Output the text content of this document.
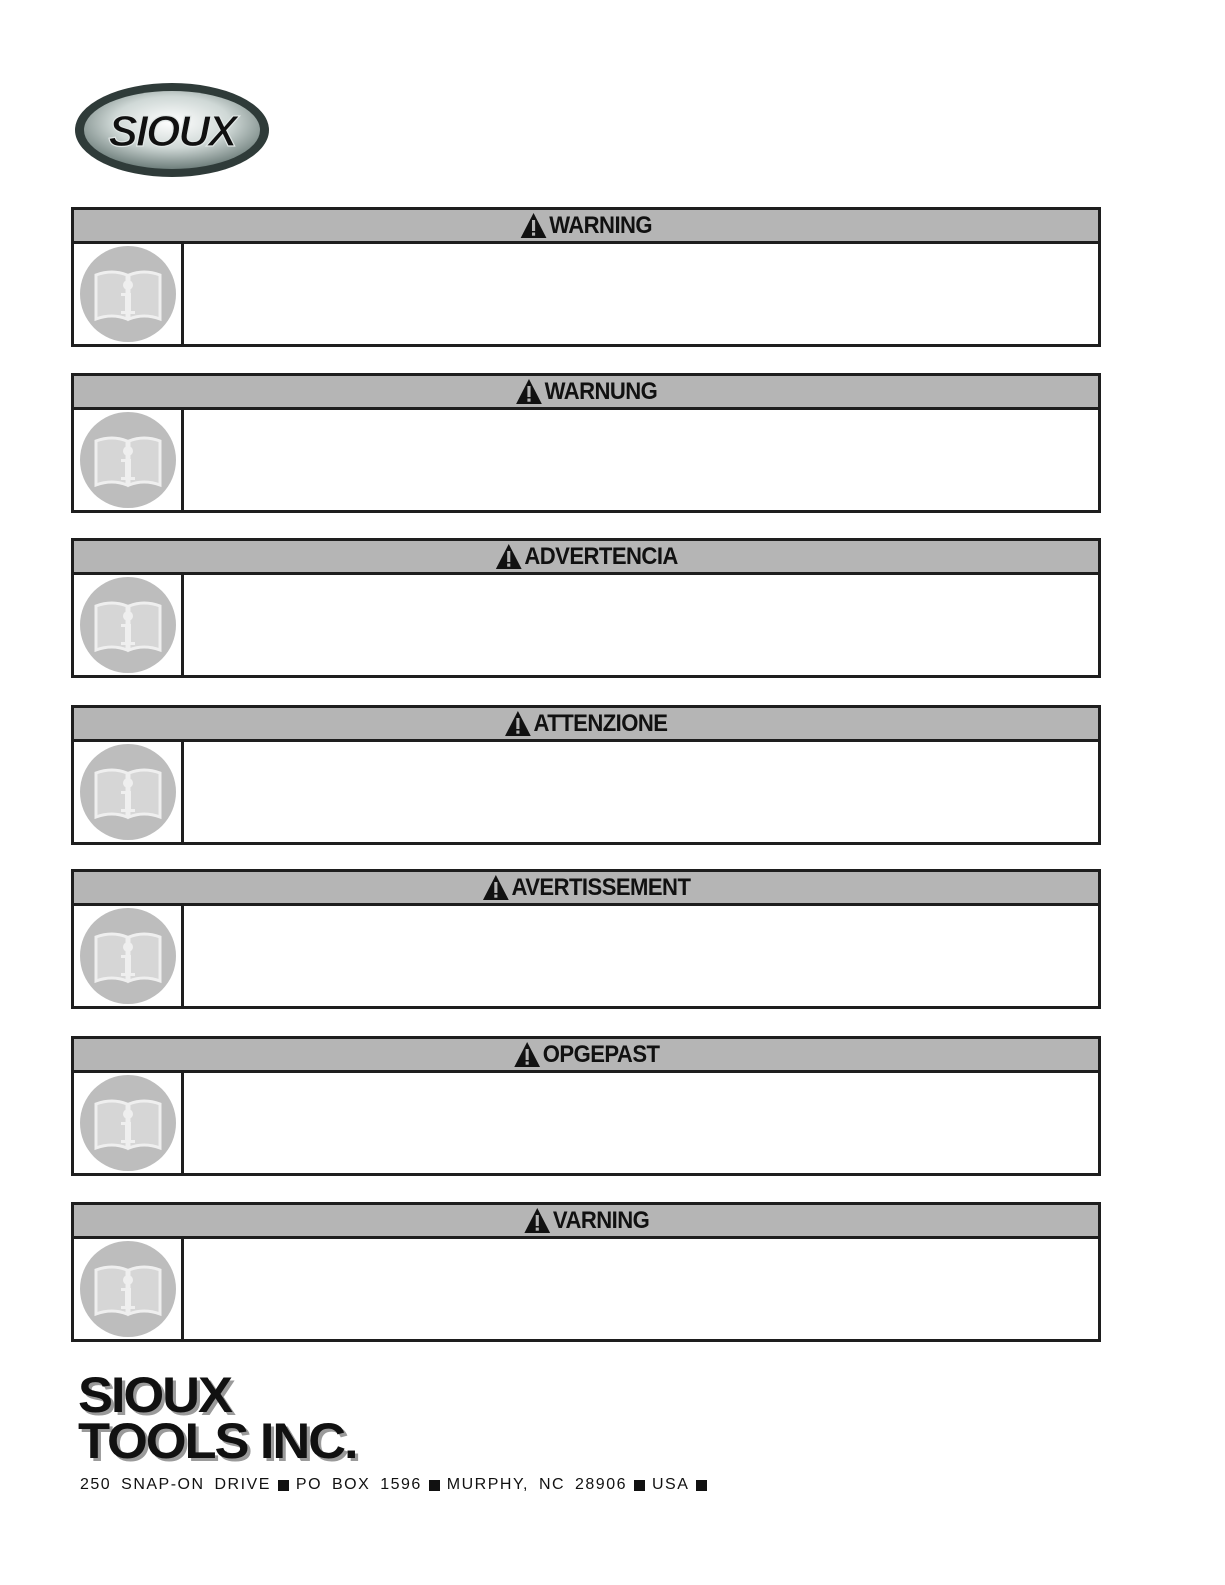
SIOUX
WARNING
WARNUNG
ADVERTENCIA
ATTENZIONE
AVERTISSEMENT
OPGEPAST
VARNING
SIOUX
TOOLS INC.
250 SNAP-ON DRIVE PO BOX 1596 MURPHY, NC 28906 USA
